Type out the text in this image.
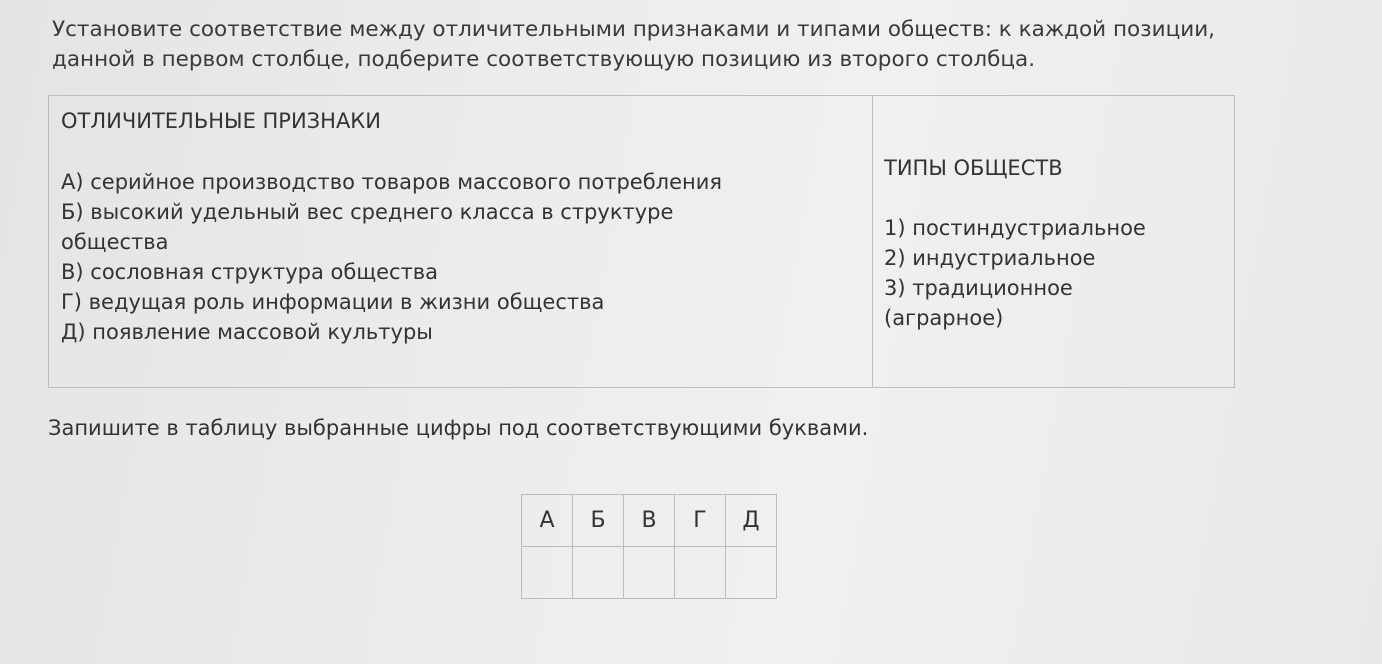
Установите соответствие между отличительными признаками и типами обществ: к каждой позиции, данной в первом столбце, подберите соответствующую позицию из второго столбца.
ОТЛИЧИТЕЛЬНЫЕ ПРИЗНАКИ
А) серийное производство товаров массового потребления
Б) высокий удельный вес среднего класса в структуре общества
В) сословная структура общества
Г) ведущая роль информации в жизни общества
Д) появление массовой культуры
ТИПЫ ОБЩЕСТВ
1) постиндустриальное
2) индустриальное
3) традиционное (аграрное)
Запишите в таблицу выбранные цифры под соответствующими буквами.
А	Б	В	Г	Д
